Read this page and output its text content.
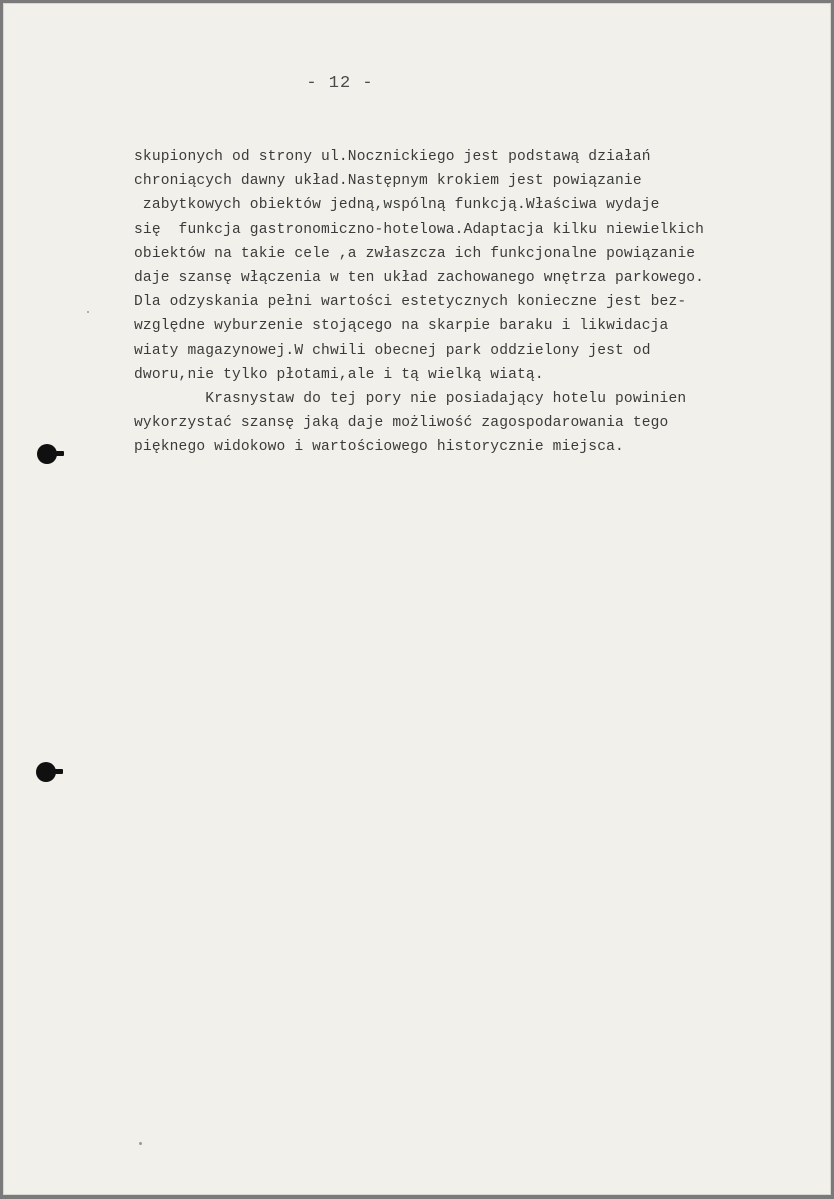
- 12 -
skupionych od strony ul.Nocznickiego jest podstawą działań
chroniących dawny układ.Następnym krokiem jest powiązanie
zabytkowych obiektów jedną,wspólną funkcją.Właściwa wydaje
się  funkcja gastronomiczno-hotelowa.Adaptacja kilku niewielkich
obiektów na takie cele ,a zwłaszcza ich funkcjonalne powiązanie
daje szansę włączenia w ten układ zachowanego wnętrza parkowego.
Dla odzyskania pełni wartości estetycznych konieczne jest bez-
względne wyburzenie stojącego na skarpie baraku i likwidacja
wiaty magazynowej.W chwili obecnej park oddzielony jest od
dworu,nie tylko płotami,ale i tą wielką wiatą.
Krasnystaw do tej pory nie posiadający hotelu powinien
wykorzystać szansę jaką daje możliwość zagospodarowania tego
pięknego widokowo i wartościowego historycznie miejsca.
